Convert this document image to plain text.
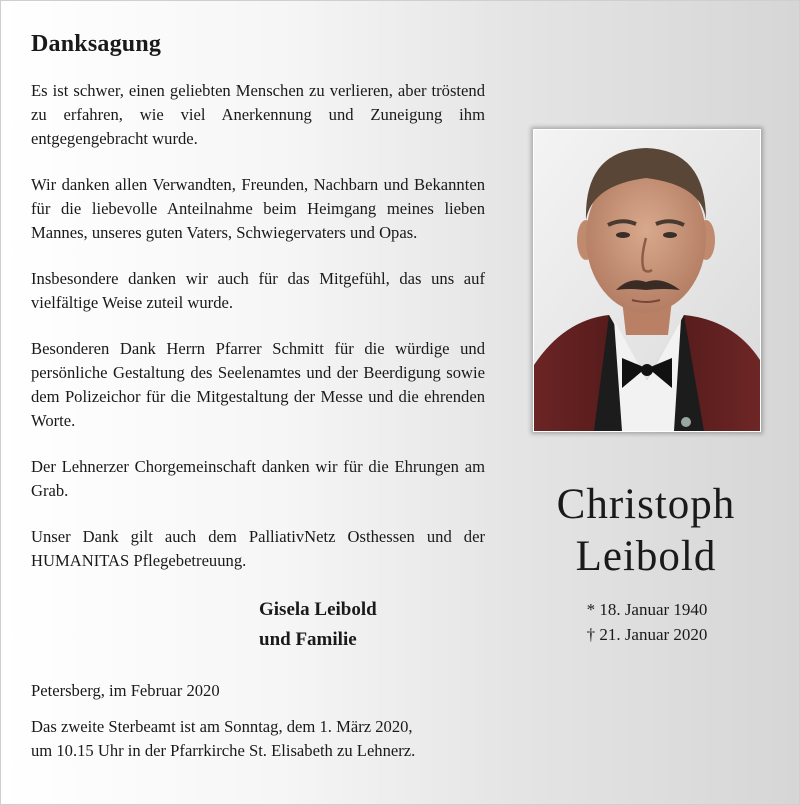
Danksagung

Es ist schwer, einen geliebten Menschen zu verlieren, aber tröstend zu erfahren, wie viel Anerkennung und Zuneigung ihm entgegengebracht wurde.

Wir danken allen Verwandten, Freunden, Nachbarn und Bekannten für die liebevolle Anteilnahme beim Heimgang meines lieben Mannes, unseres guten Vaters, Schwiegervaters und Opas.

Insbesondere danken wir auch für das Mitgefühl, das uns auf vielfältige Weise zuteil wurde.

Besonderen Dank Herrn Pfarrer Schmitt für die würdige und persönliche Gestaltung des Seelenamtes und der Beerdigung sowie dem Polizeichor für die Mitgestaltung der Messe und die ehrenden Worte.

Der Lehnerzer Chorgemeinschaft danken wir für die Ehrungen am Grab.

Unser Dank gilt auch dem PalliativNetz Osthessen und der HUMANITAS Pflegebetreuung.

Gisela Leibold
und Familie
Petersberg, im Februar 2020
Das zweite Sterbeamt ist am Sonntag, dem 1. März 2020,
um 10.15 Uhr in der Pfarrkirche St. Elisabeth zu Lehnerz.
Christoph
Leibold
* 18. Januar 1940
† 21. Januar 2020
